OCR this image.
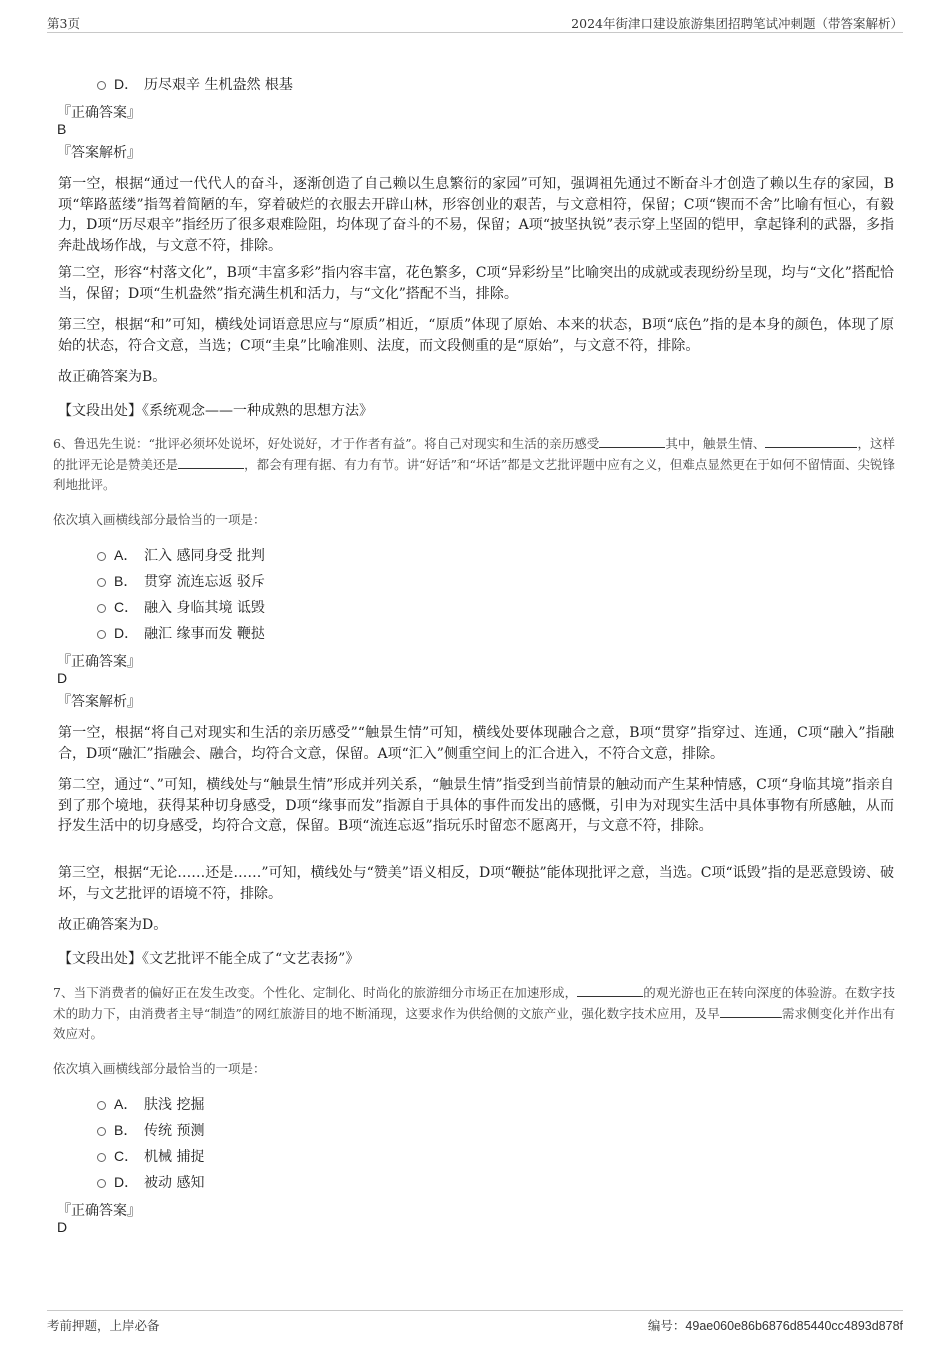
第3页	2024年街津口建设旅游集团招聘笔试冲刺题（带答案解析）
D． 历尽艰辛 生机盎然 根基
『正确答案』
B
『答案解析』
第一空，根据“通过一代代人的奋斗，逐渐创造了自己赖以生息繁衍的家园”可知，强调祖先通过不断奋斗才创造了赖以生存的家园，B项“筚路蓝缕”指驾着简陋的车，穿着破烂的衣服去开辟山林，形容创业的艰苦，与文意相符，保留；C项“锲而不舍”比喻有恒心，有毅力，D项“历尽艰辛”指经历了很多艰难险阻，均体现了奋斗的不易，保留；A项“披坚执锐”表示穿上坚固的铠甲，拿起锋利的武器，多指奔赴战场作战，与文意不符，排除。
第二空，形容“村落文化”，B项“丰富多彩”指内容丰富，花色繁多，C项“异彩纷呈”比喻突出的成就或表现纷纷呈现，均与“文化”搭配恰当，保留；D项“生机盎然”指充满生机和活力，与“文化”搭配不当，排除。
第三空，根据“和”可知，横线处词语意思应与“原质”相近，“原质”体现了原始、本来的状态，B项“底色”指的是本身的颜色，体现了原始的状态，符合文意，当选；C项“圭臬”比喻准则、法度，而文段侧重的是“原始”，与文意不符，排除。
故正确答案为B。
【文段出处】《系统观念——一种成熟的思想方法》
6、鲁迅先生说：“批评必须坏处说坏，好处说好，才于作者有益”。将自己对现实和生活的亲历感受	其中，触景生情、	，这样的批评无论是赞美还是	，都会有理有据、有力有节。讲“好话”和“坏话”都是文艺批评题中应有之义，但难点显然更在于如何不留情面、尖锐锋利地批评。
依次填入画横线部分最恰当的一项是：
A． 汇入 感同身受 批判
B． 贯穿 流连忘返 驳斥
C． 融入 身临其境 诋毁
D． 融汇 缘事而发 鞭挞
『正确答案』
D
『答案解析』
第一空，根据“将自己对现实和生活的亲历感受”“触景生情”可知，横线处要体现融合之意，B项“贯穿”指穿过、连通，C项“融入”指融合，D项“融汇”指融会、融合，均符合文意，保留。A项“汇入”侧重空间上的汇合进入，不符合文意，排除。
第二空，通过“、”可知，横线处与“触景生情”形成并列关系，“触景生情”指受到当前情景的触动而产生某种情感，C项“身临其境”指亲自到了那个境地，获得某种切身感受，D项“缘事而发”指源自于具体的事件而发出的感慨，引申为对现实生活中具体事物有所感触，从而抒发生活中的切身感受，均符合文意，保留。B项“流连忘返”指玩乐时留恋不愿离开，与文意不符，排除。
第三空，根据“无论……还是……”可知，横线处与“赞美”语义相反，D项“鞭挞”能体现批评之意，当选。C项“诋毁”指的是恶意毁谤、破坏，与文艺批评的语境不符，排除。
故正确答案为D。
【文段出处】《文艺批评不能全成了“文艺表扬”》
7、当下消费者的偏好正在发生改变。个性化、定制化、时尚化的旅游细分市场正在加速形成，	的观光游也正在转向深度的体验游。在数字技术的助力下，由消费者主导“制造”的网红旅游目的地不断涌现，这要求作为供给侧的文旅产业，强化数字技术应用，及早	需求侧变化并作出有效应对。
依次填入画横线部分最恰当的一项是：
A． 肤浅 挖掘
B． 传统 预测
C． 机械 捕捉
D． 被动 感知
『正确答案』
D
考前押题，上岸必备	编号：49ae060e86b6876d85440cc4893d878f
